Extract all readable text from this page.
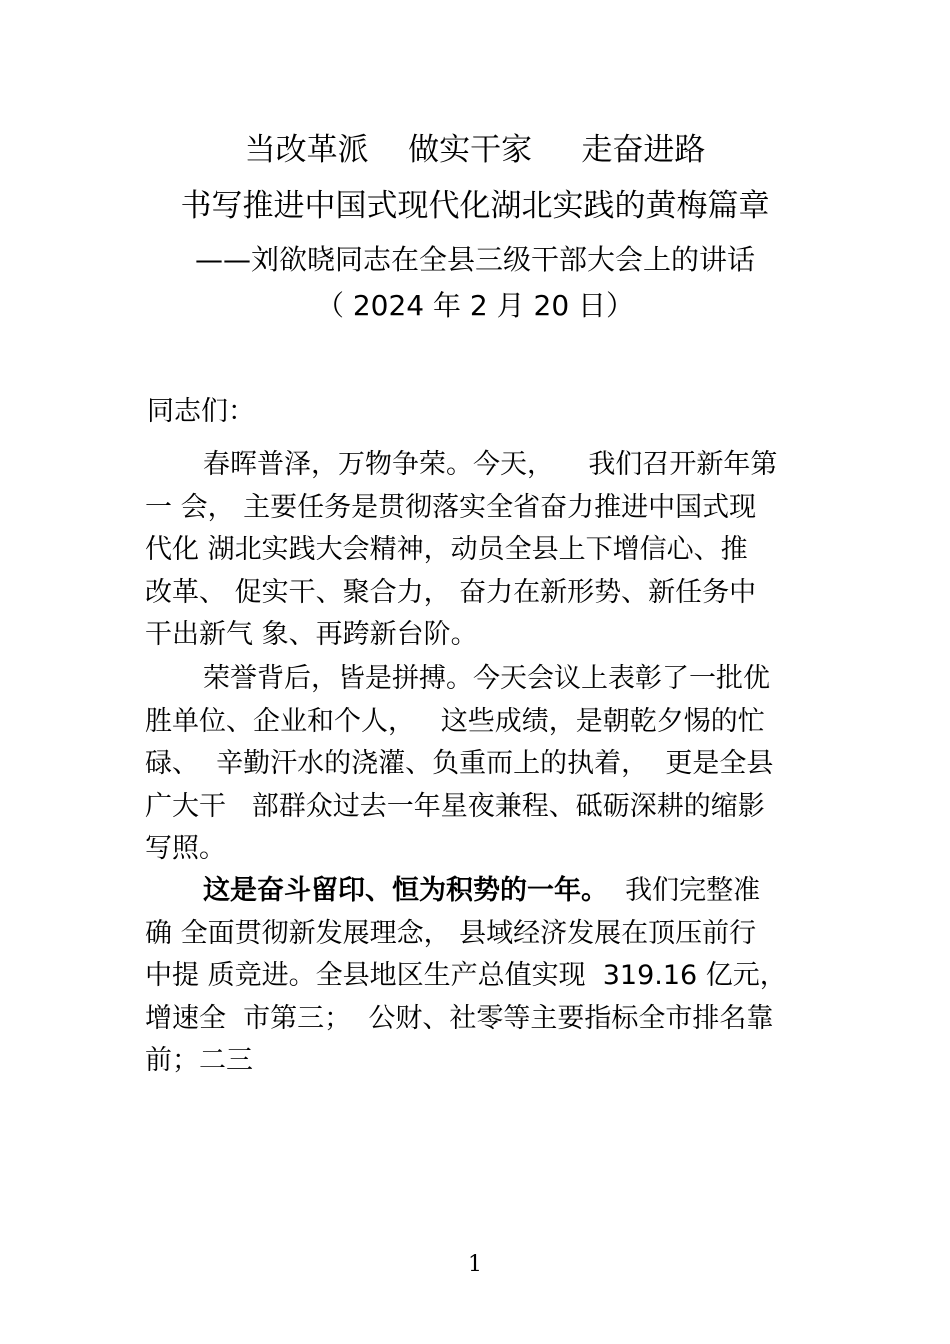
当改革派    做实干家     走奋进路
书写推进中国式现代化湖北实践的黄梅篇章
——刘欲晓同志在全县三级干部大会上的讲话
（ 2024 年 2 月 20 日）
同志们：
春晖普泽，万物争荣。今天，    我们召开新年第
一 会， 主要任务是贯彻落实全省奋力推进中国式现
代化 湖北实践大会精神，动员全县上下增信心、推
改革、 促实干、聚合力， 奋力在新形势、新任务中
干出新气 象、再跨新台阶。
荣誉背后，皆是拼搏。今天会议上表彰了一批优
胜单位、企业和个人，   这些成绩，是朝乾夕惕的忙
碌、  辛勤汗水的浇灌、负重而上的执着，  更是全县
广大干   部群众过去一年星夜兼程、砥砺深耕的缩影
写照。
这是奋斗留印、恒为积势的一年。  我们完整准
确 全面贯彻新发展理念， 县域经济发展在顶压前行
中提 质竞进。全县地区生产总值实现  319.16 亿元，
增速全  市第三；  公财、社零等主要指标全市排名靠
前；二三
1
